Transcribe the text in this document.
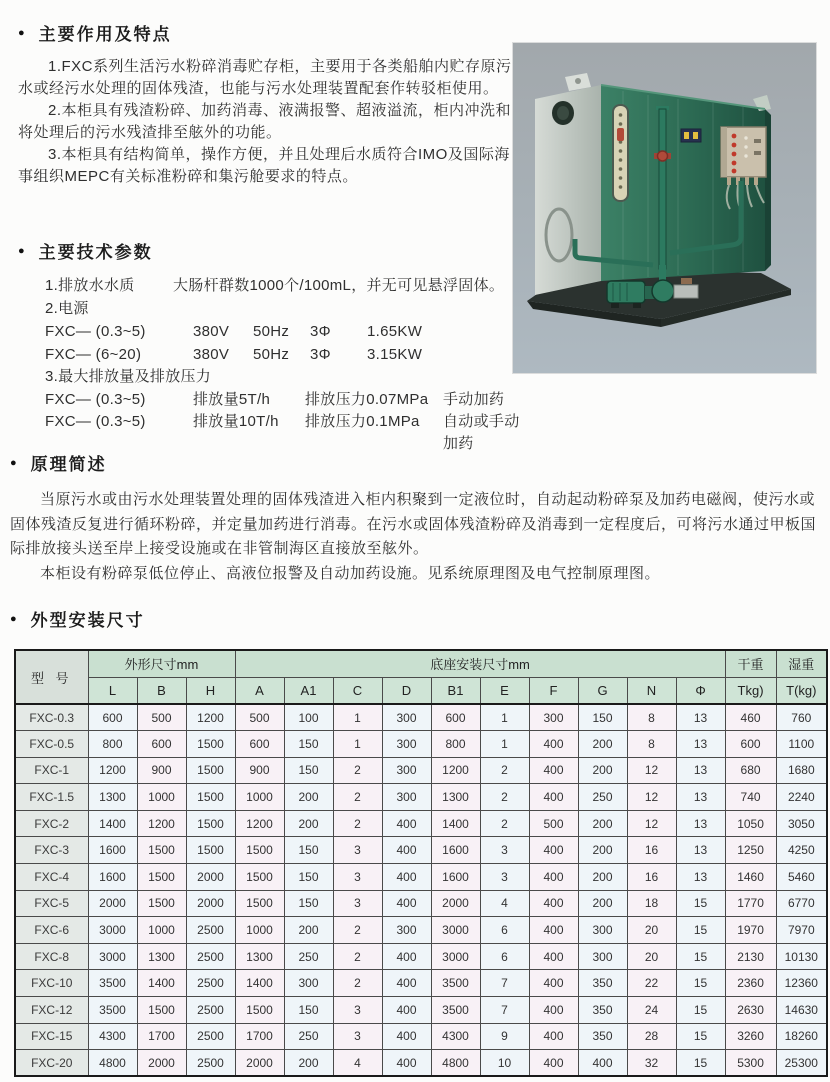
● 主要作用及特点

1.FXC系列生活污水粉碎消毒贮存柜，主要用于各类船舶内贮存原污水或经污水处理的固体残渣，也能与污水处理装置配套作转驳柜使用。

2.本柜具有残渣粉碎、加药消毒、液满报警、超液溢流，柜内冲洗和将处理后的污水残渣排至舷外的功能。

3.本柜具有结构简单，操作方便，并且处理后水质符合IMO及国际海事组织MEPC有关标准粉碎和集污舱要求的特点。

● 主要技术参数
1.排放水水质	大肠杆群数1000个/100mL，并无可见悬浮固体。
2.电源
FXC— (0.3~5)	380V	50Hz	3Φ	1.65KW
FXC— (6~20)	380V	50Hz	3Φ	3.15KW
3.最大排放量及排放压力
FXC— (0.3~5)	排放量5T/h	排放压力0.07MPa 手动加药
FXC— (0.3~5)	排放量10T/h	排放压力0.1MPa	自动或手动加药
● 原理简述

当原污水或由污水处理装置处理的固体残渣进入柜内积聚到一定液位时，自动起动粉碎泵及加药电磁阀，使污水或固体残渣反复进行循环粉碎，并定量加药进行消毒。在污水或固体残渣粉碎及消毒到一定程度后，可将污水通过甲板国际排放接头送至岸上接受设施或在非管制海区直接放至舷外。

本柜设有粉碎泵低位停止、高液位报警及自动加药设施。见系统原理图及电气控制原理图。

● 外型安装尺寸
型 号	外形尺寸mm			底座安装尺寸mm										干重	湿重
	L	B	H	A	A1	C	D	B1	E	F	G	N	Φ	Tkg)	T(kg)
FXC-0.3	600	500	1200	500	100	1	300	600	1	300	150	8	13	460	760
FXC-0.5	800	600	1500	600	150	1	300	800	1	400	200	8	13	600	1100
FXC-1	1200	900	1500	900	150	2	300	1200	2	400	200	12	13	680	1680
FXC-1.5	1300	1000	1500	1000	200	2	300	1300	2	400	250	12	13	740	2240
FXC-2	1400	1200	1500	1200	200	2	400	1400	2	500	200	12	13	1050	3050
FXC-3	1600	1500	1500	1500	150	3	400	1600	3	400	200	16	13	1250	4250
FXC-4	1600	1500	2000	1500	150	3	400	1600	3	400	200	16	13	1460	5460
FXC-5	2000	1500	2000	1500	150	3	400	2000	4	400	200	18	15	1770	6770
FXC-6	3000	1000	2500	1000	200	2	300	3000	6	400	300	20	15	1970	7970
FXC-8	3000	1300	2500	1300	250	2	400	3000	6	400	300	20	15	2130	10130
FXC-10	3500	1400	2500	1400	300	2	400	3500	7	400	350	22	15	2360	12360
FXC-12	3500	1500	2500	1500	150	3	400	3500	7	400	350	24	15	2630	14630
FXC-15	4300	1700	2500	1700	250	3	400	4300	9	400	350	28	15	3260	18260
FXC-20	4800	2000	2500	2000	200	4	400	4800	10	400	400	32	15	5300	25300
